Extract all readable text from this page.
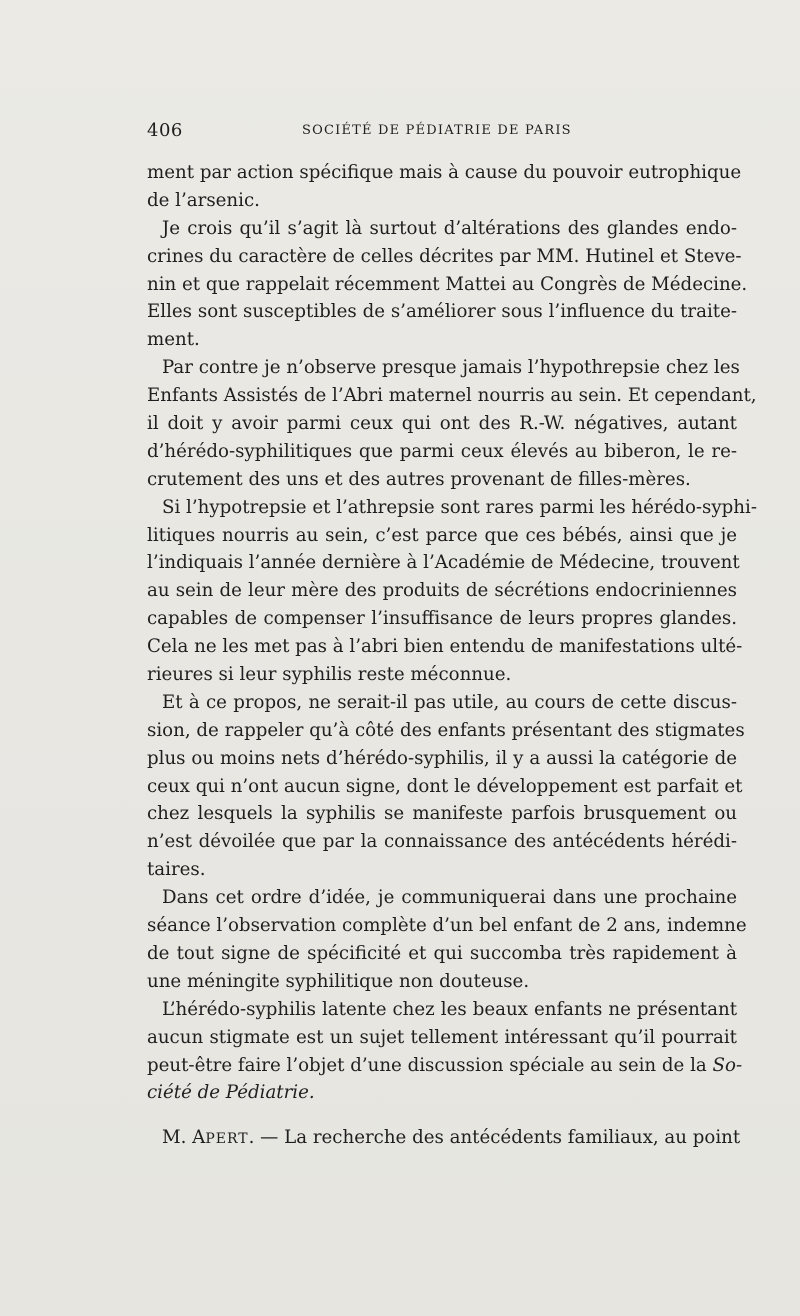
406	SOCIÉTÉ DE PÉDIATRIE DE PARIS
ment par action spécifique mais à cause du pouvoir eutrophique
de l’arsenic.
Je crois qu’il s’agit là surtout d’altérations des glandes endo-
crines du caractère de celles décrites par MM. Hutinel et Steve-
nin et que rappelait récemment Mattei au Congrès de Médecine.
Elles sont susceptibles de s’améliorer sous l’influence du traite-
ment.
Par contre je n’observe presque jamais l’hypothrepsie chez les
Enfants Assistés de l’Abri maternel nourris au sein. Et cependant,
il doit y avoir parmi ceux qui ont des R.-W. négatives, autant
d’hérédo-syphilitiques que parmi ceux élevés au biberon, le re-
crutement des uns et des autres provenant de filles-mères.
Si l’hypotrepsie et l’athrepsie sont rares parmi les hérédo-syphi-
litiques nourris au sein, c’est parce que ces bébés, ainsi que je
l’indiquais l’année dernière à l’Académie de Médecine, trouvent
au sein de leur mère des produits de sécrétions endocriniennes
capables de compenser l’insuffisance de leurs propres glandes.
Cela ne les met pas à l’abri bien entendu de manifestations ulté-
rieures si leur syphilis reste méconnue.
Et à ce propos, ne serait-il pas utile, au cours de cette discus-
sion, de rappeler qu’à côté des enfants présentant des stigmates
plus ou moins nets d’hérédo-syphilis, il y a aussi la catégorie de
ceux qui n’ont aucun signe, dont le développement est parfait et
chez lesquels la syphilis se manifeste parfois brusquement ou
n’est dévoilée que par la connaissance des antécédents hérédi-
taires.
Dans cet ordre d’idée, je communiquerai dans une prochaine
séance l’observation complète d’un bel enfant de 2 ans, indemne
de tout signe de spécificité et qui succomba très rapidement à
une méningite syphilitique non douteuse.
L’hérédo-syphilis latente chez les beaux enfants ne présentant
aucun stigmate est un sujet tellement intéressant qu’il pourrait
peut-être faire l’objet d’une discussion spéciale au sein de la So-
ciété de Pédiatrie.
M. APERT. — La recherche des antécédents familiaux, au point
